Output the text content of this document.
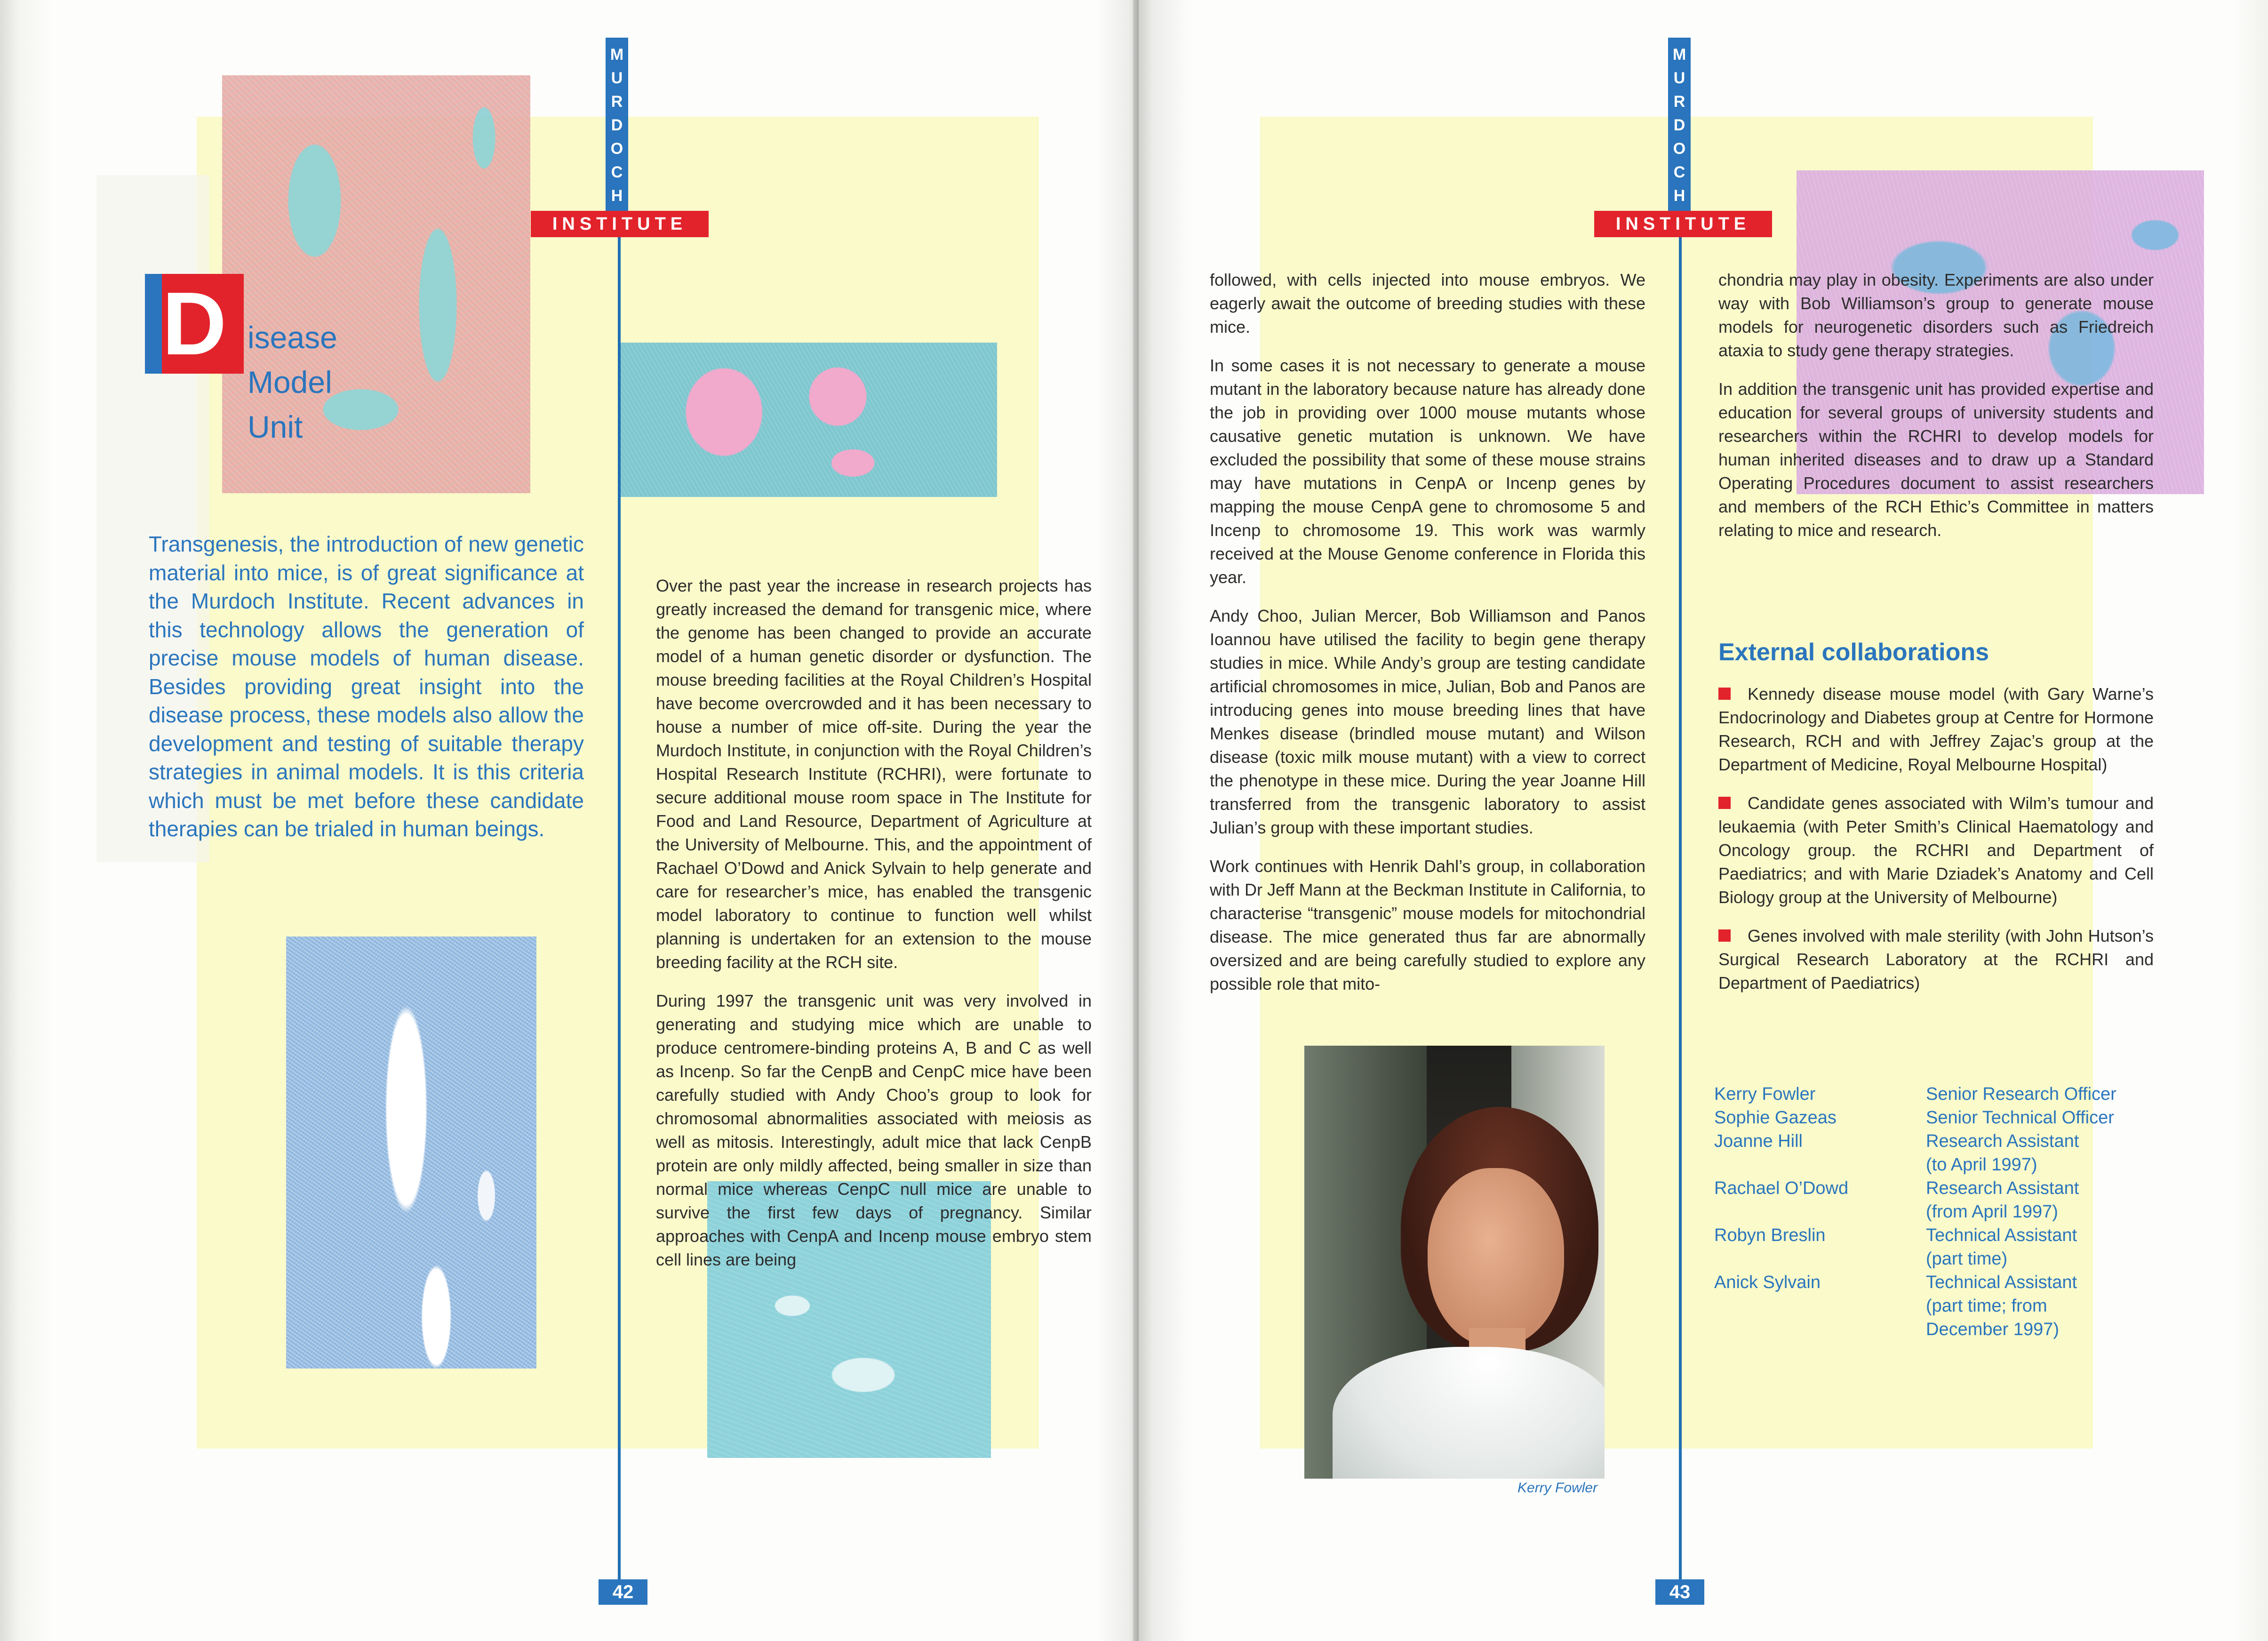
M
U
R
D
O
C
H
INSTITUTE
D isease
Model
Unit
Transgenesis, the introduction of new genetic material into mice, is of great significance at the Murdoch Institute. Recent advances in this technology allows the generation of precise mouse models of human disease. Besides providing great insight into the disease process, these models also allow the development and testing of suitable therapy strategies in animal models. It is this criteria which must be met before these candidate therapies can be trialed in human beings.

Over the past year the increase in research projects has greatly increased the demand for transgenic mice, where the genome has been changed to provide an accurate model of a human genetic disorder or dysfunction. The mouse breeding facilities at the Royal Children’s Hospital have become overcrowded and it has been necessary to house a number of mice off-site. During the year the Murdoch Institute, in conjunction with the Royal Children’s Hospital Research Institute (RCHRI), were fortunate to secure additional mouse room space in The Institute for Food and Land Resource, Department of Agriculture at the University of Melbourne. This, and the appointment of Rachael O’Dowd and Anick Sylvain to help generate and care for researcher’s mice, has enabled the transgenic model laboratory to continue to function well whilst planning is undertaken for an extension to the mouse breeding facility at the RCH site.

During 1997 the transgenic unit was very involved in generating and studying mice which are unable to produce centromere-binding proteins A, B and C as well as Incenp. So far the CenpB and CenpC mice have been carefully studied with Andy Choo’s group to look for chromosomal abnormalities associated with meiosis as well as mitosis. Interestingly, adult mice that lack CenpB protein are only mildly affected, being smaller in size than normal mice whereas CenpC null mice are unable to survive the first few days of pregnancy. Similar approaches with CenpA and Incenp mouse embryo stem cell lines are being

42
M
U
R
D
O
C
H
INSTITUTE

followed, with cells injected into mouse embryos. We eagerly await the outcome of breeding studies with these mice.

In some cases it is not necessary to generate a mouse mutant in the laboratory because nature has already done the job in providing over 1000 mouse mutants whose causative genetic mutation is unknown. We have excluded the possibility that some of these mouse strains may have mutations in CenpA or Incenp genes by mapping the mouse CenpA gene to chromosome 5 and Incenp to chromosome 19. This work was warmly received at the Mouse Genome conference in Florida this year.

Andy Choo, Julian Mercer, Bob Williamson and Panos Ioannou have utilised the facility to begin gene therapy studies in mice. While Andy’s group are testing candidate artificial chromosomes in mice, Julian, Bob and Panos are introducing genes into mouse breeding lines that have Menkes disease (brindled mouse mutant) and Wilson disease (toxic milk mouse mutant) with a view to correct the phenotype in these mice. During the year Joanne Hill transferred from the transgenic laboratory to assist Julian’s group with these important studies.

Work continues with Henrik Dahl’s group, in collaboration with Dr Jeff Mann at the Beckman Institute in California, to characterise “transgenic” mouse models for mitochondrial disease. The mice generated thus far are abnormally oversized and are being carefully studied to explore any possible role that mito-

chondria may play in obesity. Experiments are also under way with Bob Williamson’s group to generate mouse models for neurogenetic disorders such as Friedreich ataxia to study gene therapy strategies.

In addition the transgenic unit has provided expertise and education for several groups of university students and researchers within the RCHRI to develop models for human inherited diseases and to draw up a Standard Operating Procedures document to assist researchers and members of the RCH Ethic’s Committee in matters relating to mice and research.

External collaborations
Kennedy disease mouse model (with Gary Warne’s Endocrinology and Diabetes group at Centre for Hormone Research, RCH and with Jeffrey Zajac’s group at the Department of Medicine, Royal Melbourne Hospital)
Candidate genes associated with Wilm’s tumour and leukaemia (with Peter Smith’s Clinical Haematology and Oncology group. the RCHRI and Department of Paediatrics; and with Marie Dziadek’s Anatomy and Cell Biology group at the University of Melbourne)
Genes involved with male sterility (with John Hutson’s Surgical Research Laboratory at the RCHRI and Department of Paediatrics)
Kerry Fowler
Kerry Fowler	Senior Research Officer
Sophie Gazeas	Senior Technical Officer
Joanne Hill	Research Assistant
(to April 1997)
Rachael O’Dowd	Research Assistant
(from April 1997)
Robyn Breslin	Technical Assistant
(part time)
Anick Sylvain	Technical Assistant
(part time; from December 1997)
43
